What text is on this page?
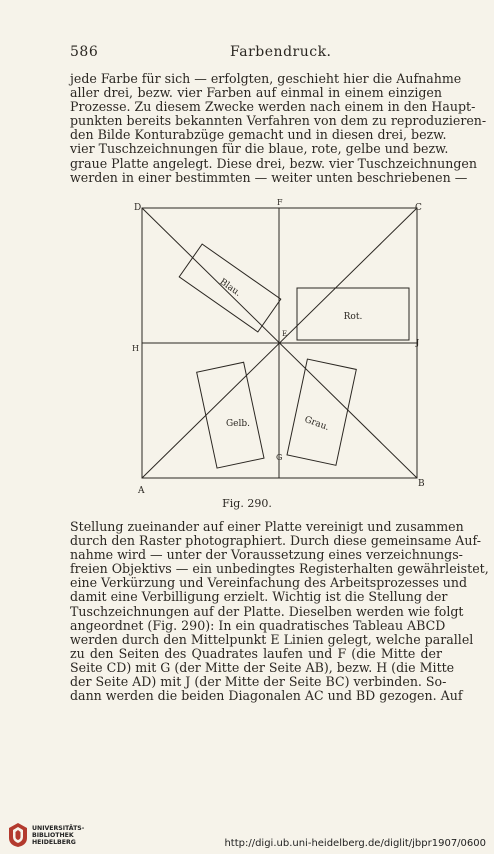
586	Farbendruck.
jede Farbe für sich — erfolgten, geschieht hier die Aufnahme
aller drei, bezw. vier Farben auf einmal in einem einzigen
Prozesse. Zu diesem Zwecke werden nach einem in den Haupt-
punkten bereits bekannten Verfahren von dem zu reproduzieren-
den Bilde Konturabzüge gemacht und in diesen drei, bezw.
vier Tuschzeichnungen für die blaue, rote, gelbe und bezw.
graue Platte angelegt. Diese drei, bezw. vier Tuschzeichnungen
werden in einer bestimmten — weiter unten beschriebenen —
Blau.
Rot.
Gelb.	Grau.
D
F
C
H
J
E
A
G
B
Fig. 290.
Stellung zueinander auf einer Platte vereinigt und zusammen
durch den Raster photographiert. Durch diese gemeinsame Auf-
nahme wird — unter der Voraussetzung eines verzeichnungs-
freien Objektivs — ein unbedingtes Registerhalten gewährleistet,
eine Verkürzung und Vereinfachung des Arbeitsprozesses und
damit eine Verbilligung erzielt. Wichtig ist die Stellung der
Tuschzeichnungen auf der Platte. Dieselben werden wie folgt
angeordnet (Fig. 290): In ein quadratisches Tableau ABCD
werden durch den Mittelpunkt E Linien gelegt, welche parallel
zu den Seiten des Quadrates laufen und F (die Mitte der
Seite CD) mit G (der Mitte der Seite AB), bezw. H (die Mitte
der Seite AD) mit J (der Mitte der Seite BC) verbinden. So-
dann werden die beiden Diagonalen AC und BD gezogen. Auf
UNIVERSITÄTS-
BIBLIOTHEK
HEIDELBERG	http://digi.ub.uni-heidelberg.de/diglit/jbpr1907/0600
